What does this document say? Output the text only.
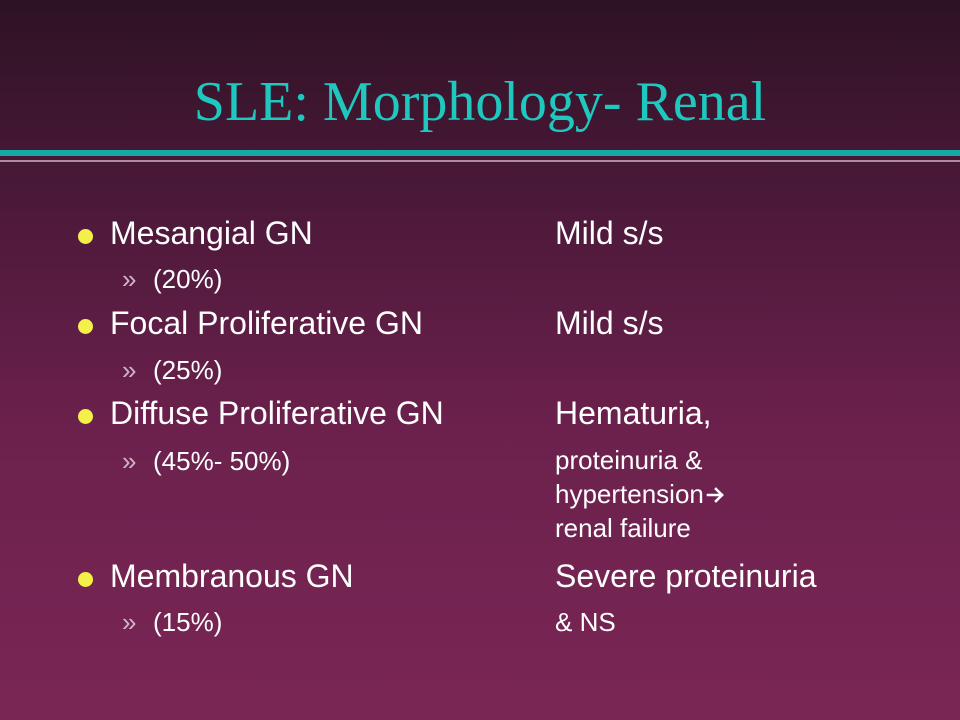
SLE: Morphology- Renal
Mesangial GN	Mild s/s
» (20%)
Focal Proliferative GN	Mild s/s
» (25%)
Diffuse Proliferative GN	Hematuria,
» (45%- 50%)	proteinuria &
hypertension
renal failure
Membranous GN	Severe proteinuria
» (15%)	& NS
